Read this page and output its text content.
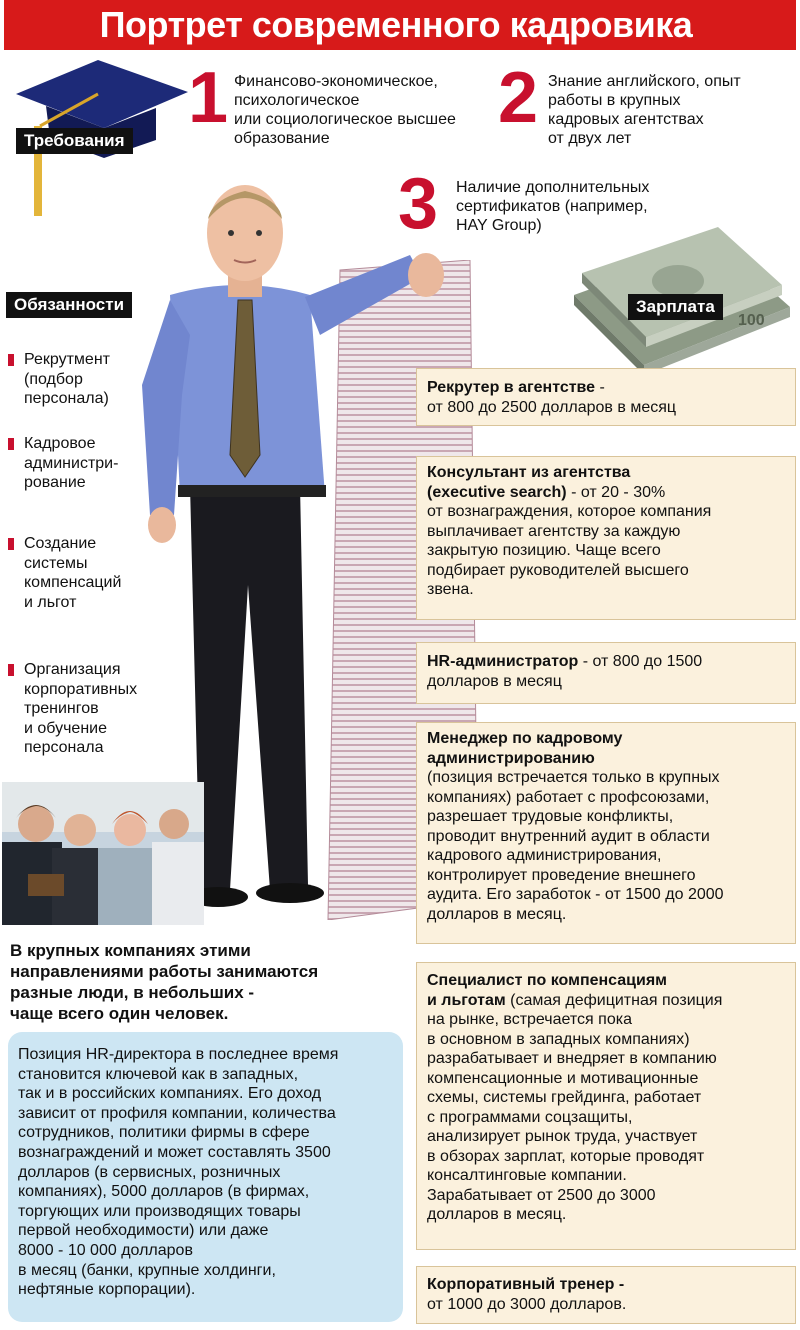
Портрет современного кадровика
Требования
1 Финансово-экономическое,
психологическое
или социологическое высшее
образование
2 Знание английского, опыт
работы в крупных
кадровых агентствах
от двух лет
3 Наличие дополнительных
сертификатов (например,
HAY Group)
100
Зарплата
Обязанности
Рекрутмент
(подбор
персонала)
Кадровое
администри-
рование
Создание
системы
компенсаций
и льгот
Организация
корпоративных
тренингов
и обучение
персонала
В крупных компаниях этими
направлениями работы занимаются
разные люди, в небольших -
чаще всего один человек.
Позиция HR-директора в последнее время
становится ключевой как в западных,
так и в российских компаниях. Его доход
зависит от профиля компании, количества
сотрудников, политики фирмы в сфере
вознаграждений и может составлять 3500
долларов (в сервисных, розничных
компаниях), 5000 долларов (в фирмах,
торгующих или производящих товары
первой необходимости) или даже
8000 - 10 000 долларов
в месяц (банки, крупные холдинги,
нефтяные корпорации).
Рекрутер в агентстве -
от 800 до 2500 долларов в месяц
Консультант из агентства
(executive search) - от 20 - 30%
от вознаграждения, которое компания
выплачивает агентству за каждую
закрытую позицию. Чаще всего
подбирает руководителей высшего
звена.
HR-администратор - от 800 до 1500
долларов в месяц
Менеджер по кадровому
администрированию
(позиция встречается только в крупных
компаниях) работает с профсоюзами,
разрешает трудовые конфликты,
проводит внутренний аудит в области
кадрового администрирования,
контролирует проведение внешнего
аудита. Его заработок - от 1500 до 2000
долларов в месяц.
Специалист по компенсациям
и льготам (самая дефицитная позиция
на рынке, встречается пока
в основном в западных компаниях)
разрабатывает и внедряет в компанию
компенсационные и мотивационные
схемы, системы грейдинга, работает
с программами соцзащиты,
анализирует рынок труда, участвует
в обзорах зарплат, которые проводят
консалтинговые компании.
Зарабатывает от 2500 до 3000
долларов в месяц.
Корпоративный тренер -
от 1000 до 3000 долларов.
